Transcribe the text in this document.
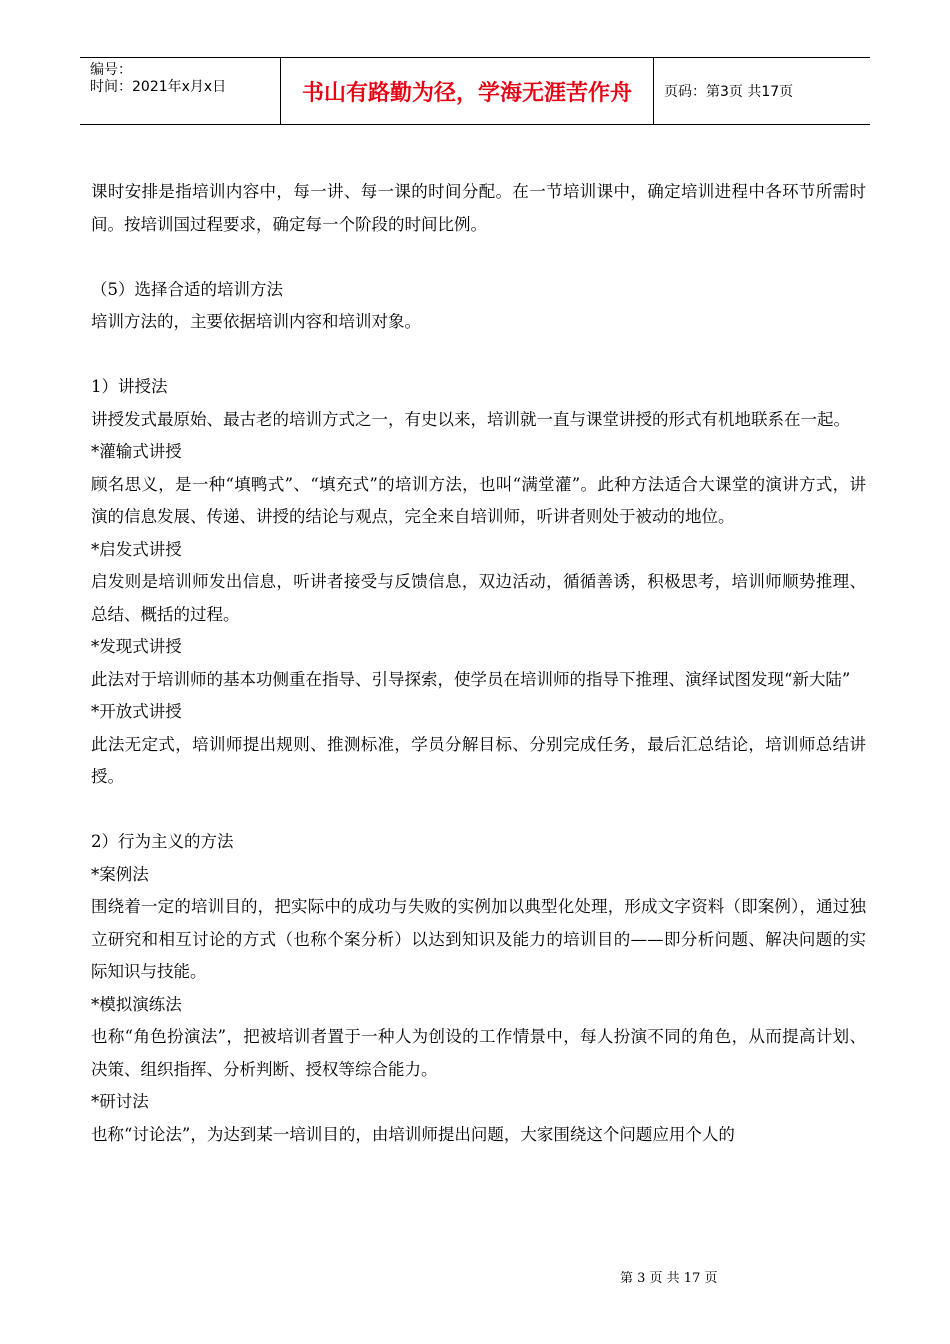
编号：
时间：2021年x月x日	书山有路勤为径，学海无涯苦作舟	页码：第3页 共17页

课时安排是指培训内容中，每一讲、每一课的时间分配。在一节培训课中，确定培训进程中各环节所需时间。按培训国过程要求，确定每一个阶段的时间比例。

（5）选择合适的培训方法

培训方法的，主要依据培训内容和培训对象。

1）讲授法

讲授发式最原始、最古老的培训方式之一，有史以来，培训就一直与课堂讲授的形式有机地联系在一起。

*灌输式讲授

顾名思义，是一种“填鸭式”、“填充式”的培训方法，也叫“满堂灌”。此种方法适合大课堂的演讲方式，讲演的信息发展、传递、讲授的结论与观点，完全来自培训师，听讲者则处于被动的地位。

*启发式讲授

启发则是培训师发出信息，听讲者接受与反馈信息，双边活动，循循善诱，积极思考，培训师顺势推理、总结、概括的过程。

*发现式讲授

此法对于培训师的基本功侧重在指导、引导探索，使学员在培训师的指导下推理、演绎试图发现“新大陆”

*开放式讲授

此法无定式，培训师提出规则、推测标准，学员分解目标、分别完成任务，最后汇总结论，培训师总结讲授。

2）行为主义的方法

*案例法

围绕着一定的培训目的，把实际中的成功与失败的实例加以典型化处理，形成文字资料（即案例），通过独立研究和相互讨论的方式（也称个案分析）以达到知识及能力的培训目的——即分析问题、解决问题的实际知识与技能。

*模拟演练法

也称“角色扮演法”，把被培训者置于一种人为创设的工作情景中，每人扮演不同的角色，从而提高计划、决策、组织指挥、分析判断、授权等综合能力。

*研讨法

也称“讨论法”，为达到某一培训目的，由培训师提出问题，大家围绕这个问题应用个人的

第 3 页 共 17 页
